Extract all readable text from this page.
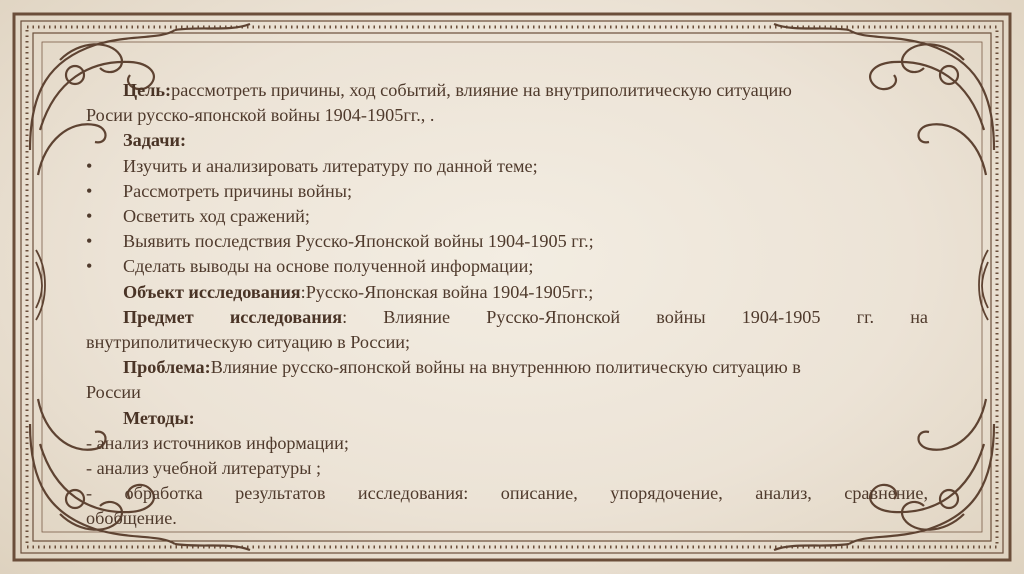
Цель:рассмотреть причины, ход событий, влияние на внутриполитическую ситуацию
Росии русско-японской войны 1904-1905гг., .
Задачи:
• Изучить и анализировать литературу по данной теме;
• Рассмотреть причины войны;
• Осветить ход сражений;
• Выявить последствия Русско-Японской войны 1904-1905 гг.;
• Сделать выводы на основе полученной информации;
Объект исследования:Русско-Японская война 1904-1905гг.;
Предмет исследования: Влияние Русско-Японской войны 1904-1905 гг. на
внутриполитическую ситуацию в России;
Проблема:Влияние русско-японской войны на внутреннюю политическую ситуацию в
России
Методы:
- анализ источников информации;
- анализ учебной литературы ;
- обработка результатов исследования: описание, упорядочение, анализ, сравнение,
обобщение.
